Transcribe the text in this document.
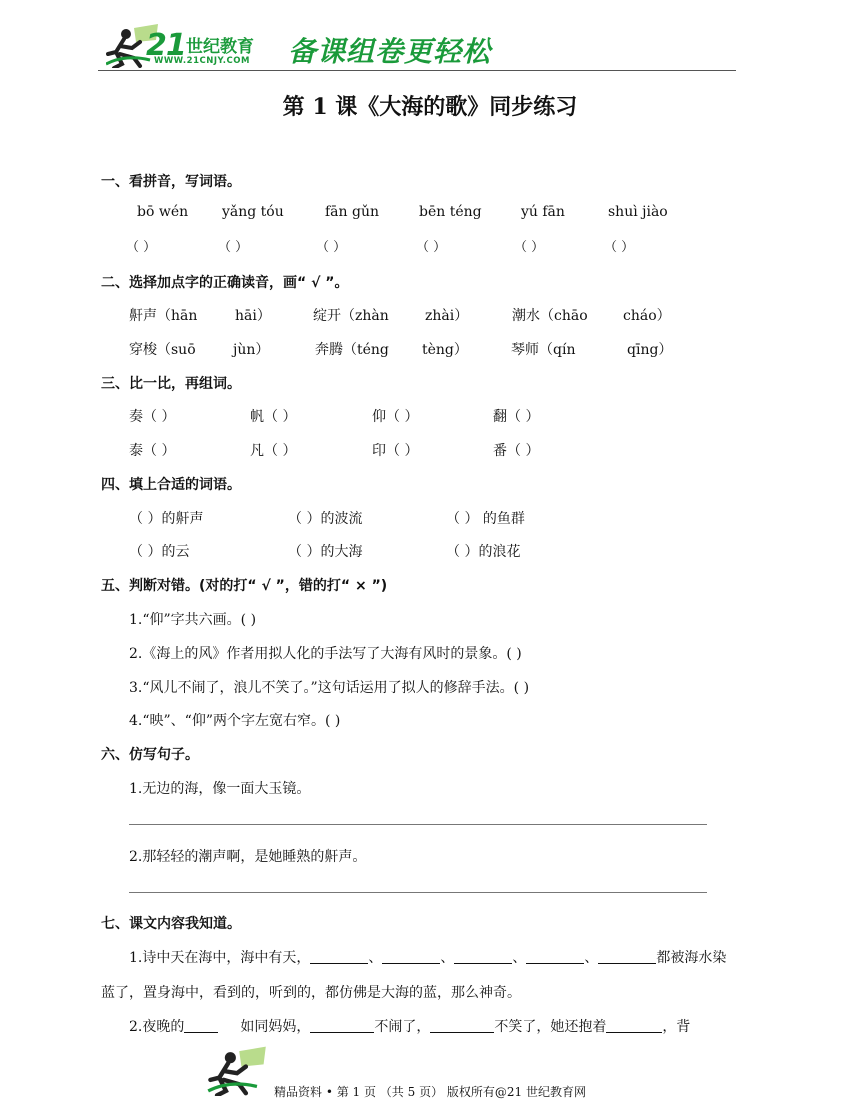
21 世纪教育
WWW.21CNJY.COM 备课组卷更轻松
第 1 课《大海的歌》同步练习
一、看拼音，写词语。
bō wén yǎng tóu	fān gǔn	bēn téng	yú fān	shuì jiào
（ ）	（ ）	（ ）	（ ）	（ ）	（ ）
二、选择加点字的正确读音，画“ √ ”。
鼾声（hān	hāi）	绽开（zhàn	zhài）	潮水（chāo	cháo）
穿梭（suō	jùn）	奔腾（téng tèng）	琴师（qín	qīng）
三、比一比，再组词。
奏（ ）	帆（ ）	仰（ ）	翻（ ）
泰（ ）	凡（ ）	印（ ）	番（ ）
四、填上合适的词语。
（ ）的鼾声	（ ）的波流	（ ） 的鱼群
（ ）的云	（ ）的大海	（ ）的浪花
五、判断对错。(对的打“ √ ”，错的打“ × ”)
1.“仰”字共六画。( )
2.《海上的风》作者用拟人化的手法写了大海有风时的景象。( )
3.“风儿不闹了，浪儿不笑了。”这句话运用了拟人的修辞手法。( )
4.“映”、“仰”两个字左宽右窄。( )
六、仿写句子。
1.无边的海，像一面大玉镜。
2.那轻轻的潮声啊，是她睡熟的鼾声。
七、课文内容我知道。
1.诗中天在海中，海中有天，	、	、	、	、	都被海水染
蓝了，置身海中，看到的，听到的，都仿佛是大海的蓝，那么神奇。
2.夜晚的	如同妈妈，	不闹了，	不笑了，她还抱着	，背
精品资料 • 第 1 页 （共 5 页） 版权所有@21 世纪教育网
